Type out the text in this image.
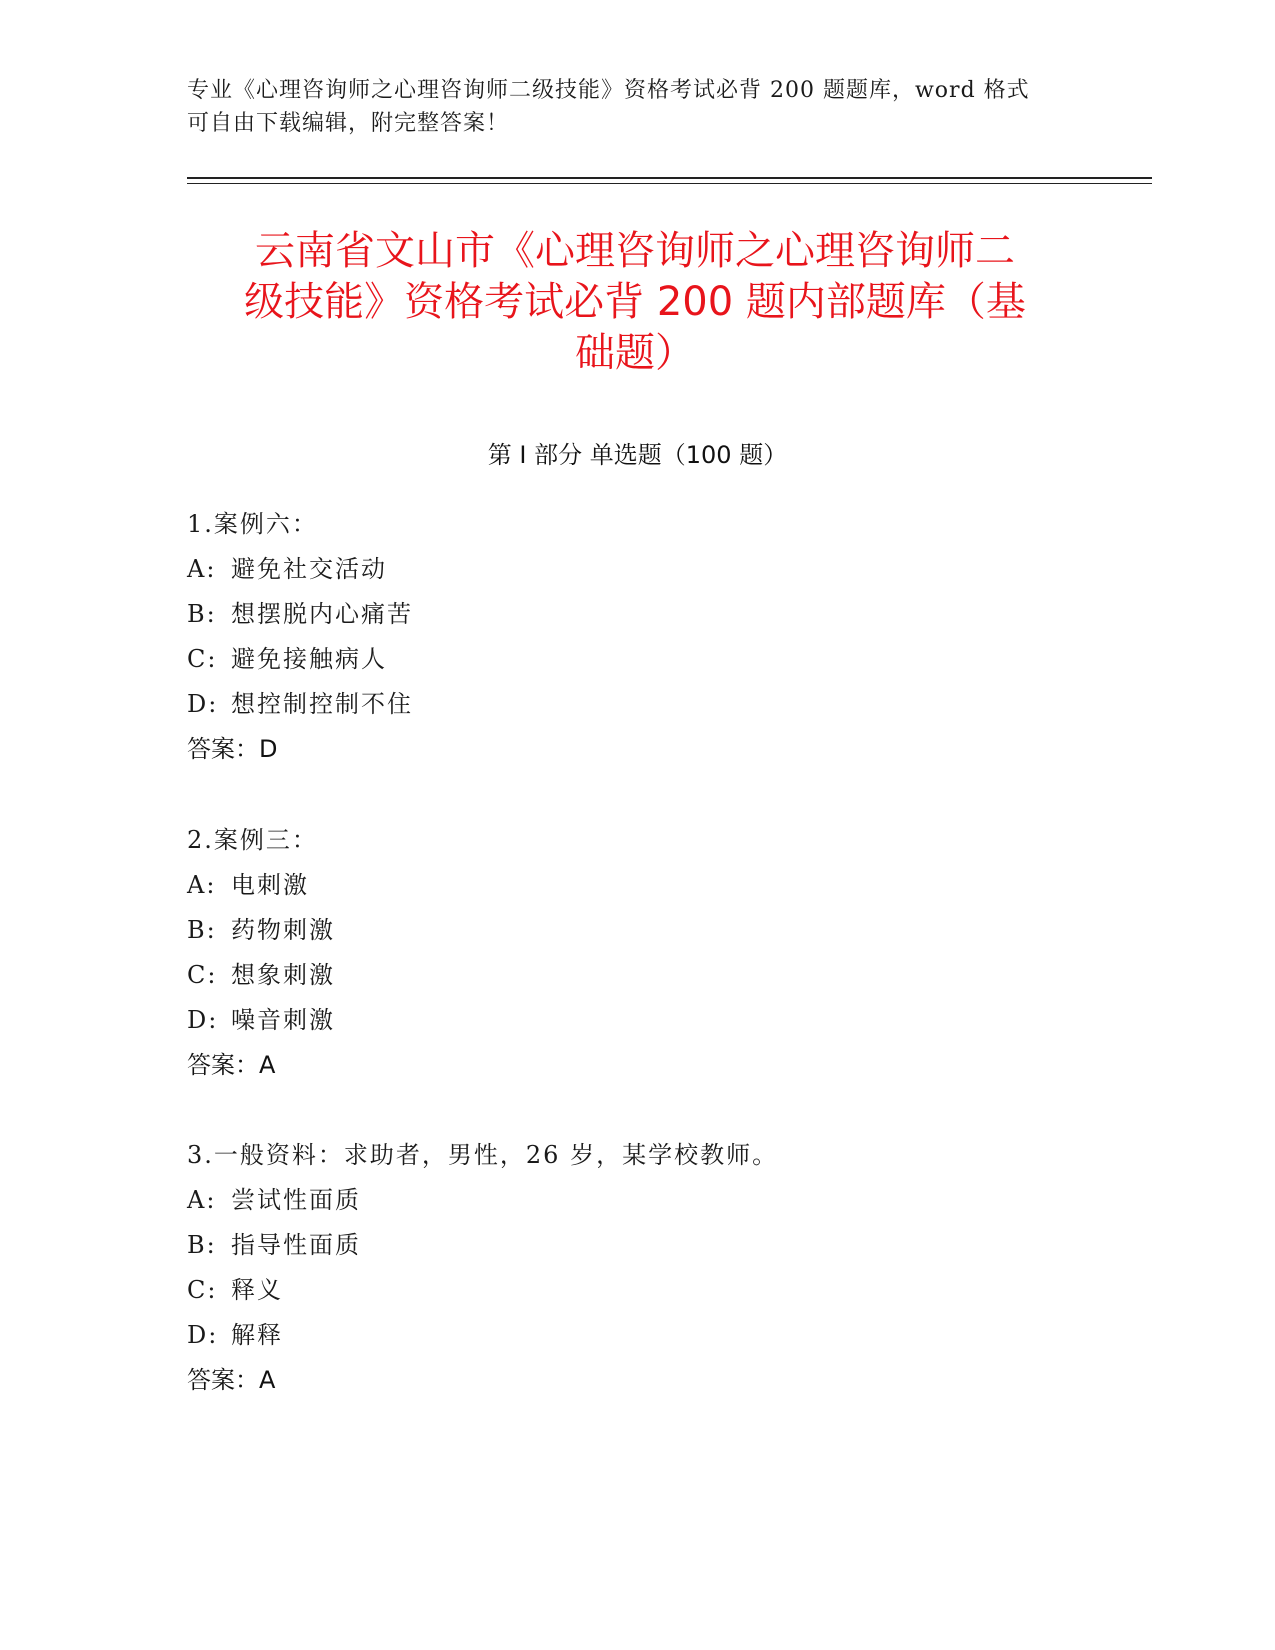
专业《心理咨询师之心理咨询师二级技能》资格考试必背 200 题题库，word 格式
可自由下载编辑，附完整答案！
云南省文山市《心理咨询师之心理咨询师二
级技能》资格考试必背 200 题内部题库（基
础题）
第 I 部分 单选题（100 题）
1.案例六：
A: 避免社交活动
B: 想摆脱内心痛苦
C: 避免接触病人
D: 想控制控制不住
答案：D
2.案例三：
A: 电刺激
B: 药物刺激
C: 想象刺激
D: 噪音刺激
答案：A
3.一般资料：求助者，男性，26 岁，某学校教师。
A: 尝试性面质
B: 指导性面质
C: 释义
D: 解释
答案：A
